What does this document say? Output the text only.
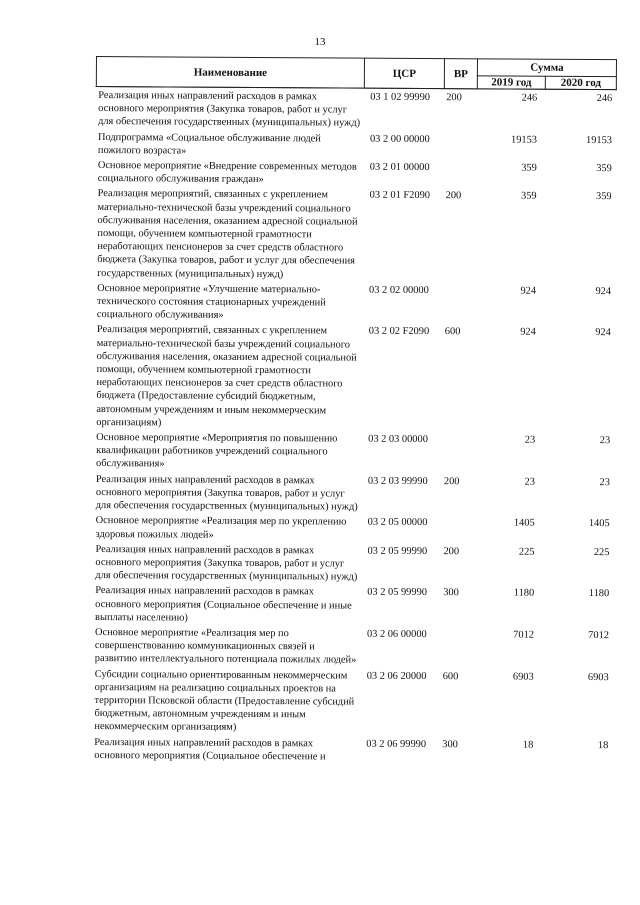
13
Наименование	ЦСР	ВР	Сумма	
			2019 год	2020 год
Реализация иных направлений расходов в рамках основного мероприятия (Закупка товаров, работ и услуг для обеспечения государственных (муниципальных) нужд)	03 1 02 99990	200	246	246
Подпрограмма «Социальное обслуживание людей пожилого возраста»	03 2 00 00000		19153	19153
Основное мероприятие «Внедрение современных методов социального обслуживания граждан»	03 2 01 00000		359	359
Реализация мероприятий, связанных с укреплением материально-технической базы учреждений социального обслуживания населения, оказанием адресной социальной помощи, обучением компьютерной грамотности неработающих пенсионеров за счет средств областного бюджета (Закупка товаров, работ и услуг для обеспечения государственных (муниципальных) нужд)	03 2 01 F2090	200	359	359
Основное мероприятие «Улучшение материально-технического состояния стационарных учреждений социального обслуживания»	03 2 02 00000		924	924
Реализация мероприятий, связанных с укреплением материально-технической базы учреждений социального обслуживания населения, оказанием адресной социальной помощи, обучением компьютерной грамотности неработающих пенсионеров за счет средств областного бюджета (Предоставление субсидий бюджетным, автономным учреждениям и иным некоммерческим организациям)	03 2 02 F2090	600	924	924
Основное мероприятие «Мероприятия по повышению квалификации работников учреждений социального обслуживания»	03 2 03 00000		23	23
Реализация иных направлений расходов в рамках основного мероприятия (Закупка товаров, работ и услуг для обеспечения государственных (муниципальных) нужд)	03 2 03 99990	200	23	23
Основное мероприятие «Реализация мер по укреплению здоровья пожилых людей»	03 2 05 00000		1405	1405
Реализация иных направлений расходов в рамках основного мероприятия (Закупка товаров, работ и услуг для обеспечения государственных (муниципальных) нужд)	03 2 05 99990	200	225	225
Реализация иных направлений расходов в рамках основного мероприятия (Социальное обеспечение и иные выплаты населению)	03 2 05 99990	300	1180	1180
Основное мероприятие «Реализация мер по совершенствованию коммуникационных связей и развитию интеллектуального потенциала пожилых людей»	03 2 06 00000		7012	7012
Субсидии социально ориентированным некоммерческим организациям на реализацию социальных проектов на территории Псковской области (Предоставление субсидий бюджетным, автономным учреждениям и иным некоммерческим организациям)	03 2 06 20000	600	6903	6903
Реализация иных направлений расходов в рамках основного мероприятия (Социальное обеспечение и	03 2 06 99990	300	18	18
